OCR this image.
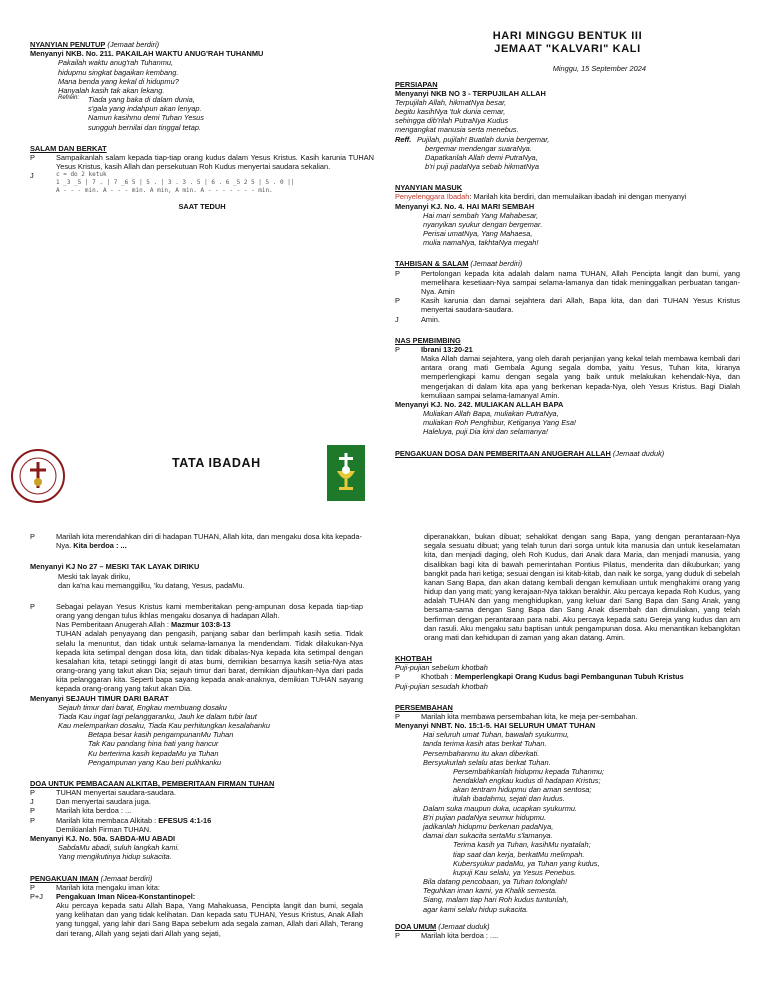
NYANYIAN PENUTUP (Jemaat berdiri)
Menyanyi NKB. No. 211. PAKAILAH WAKTU ANUG'RAH TUHANMU
Pakailah waktu anug'rah Tuhanmu,
hidupmu singkat bagaikan kembang.
Mana benda yang kekal di hidupmu?
Hanyalah kasih tak akan lekang.
Refrein:	Tiada yang baka di dalam dunia,
s'gala yang indahpun akan lenyap.
Namun kasihmu demi Tuhan Yesus
sungguh bernilai dan tinggal tetap.
SALAM DAN BERKAT
P	Sampaikanlah salam kepada tiap-tiap orang kudus dalam Yesus Kristus. Kasih karunia TUHAN Yesus Kristus, kasih Allah dan persekutuan Roh Kudus menyertai saudara sekalian.
J	c = do 2 ketuk
1 _3 _5 | 7 . | 7 _6 5 | 5 . | 3 . 3 . 5 | 6 . 6 _5 2 5 | 5 . 0 ||
A - - - min. A - - - min. A min, A min. A - - - - - - - min.
SAAT TEDUH
HARI MINGGU BENTUK III
JEMAAT "KALVARI" KALI
Minggu, 15 September 2024
PERSIAPAN
Menyanyi NKB NO 3 - TERPUJILAH ALLAH
Terpujilah Allah, hikmatNya besar,
begitu kasihNya 'tuk dunia cemar,
sehingga dib'rilah PutraNya Kudus
mengangkat manusia serta menebus.
Reff. Pujilah, pujilah! Buatlah dunia bergemar,
bergemar mendengar suaraNya.
Dapatkanlah Allah demi PutraNya,
b'ri puji padaNya sebab hikmatNya
NYANYIAN MASUK
Penyelenggara Ibadah: Marilah kita berdiri, dan memulaikan ibadah ini dengan menyanyi
Menyanyi KJ. No. 4. HAI MARI SEMBAH
Hai mari sembah Yang Mahabesar,
nyanyikan syukur dengan bergemar.
Perisai umatNya, Yang Mahaesa,
mulia namaNya, takhtaNya megah!
TAHBISAN & SALAM (Jemaat berdiri)
P	Pertolongan kepada kita adalah dalam nama TUHAN, Allah Pencipta langit dan bumi, yang memelihara kesetiaan-Nya sampai selama-lamanya dan tidak meninggalkan perbuatan tangan-Nya. Amin
P	Kasih karunia dan damai sejahtera dari Allah, Bapa kita, dan dari TUHAN Yesus Kristus menyertai saudara-saudara.
J	Amin.
NAS PEMBIMBING
P	Ibrani 13:20-21
Maka Allah damai sejahtera, yang oleh darah perjanjian yang kekal telah membawa kembali dari antara orang mati Gembala Agung segala domba, yaitu Yesus, Tuhan kita, kiranya memperlengkapi kamu dengan segala yang baik untuk melakukan kehendak-Nya, dan mengerjakan di dalam kita apa yang berkenan kepada-Nya, oleh Yesus Kristus. Bagi Dialah kemuliaan sampai selama-lamanya! Amin.
Menyanyi KJ. No. 242. MULIAKAN ALLAH BAPA
Muliakan Allah Bapa, muliakan PutraNya,
muliakan Roh Penghibur, Ketiganya Yang Esa!
Haleluya, puji Dia kini dan selamanya!
PENGAKUAN DOSA DAN PEMBERITAAN ANUGERAH ALLAH (Jemaat duduk)
TATA IBADAH
P	Marilah kita merendahkan diri di hadapan TUHAN, Allah kita, dan mengaku dosa kita kepada-Nya. Kita berdoa : ...
Menyanyi KJ No 27 – MESKI TAK LAYAK DIRIKU
Meski tak layak diriku,
dan ka'na kau memanggilku, 'ku datang, Yesus, padaMu.
P	Sebagai pelayan Yesus Kristus kami memberitakan peng-ampunan dosa kepada tiap-tiap orang yang dengan tulus ikhlas mengaku dosanya di hadapan Allah.
Nas Pemberitaan Anugerah Allah : Mazmur 103:8-13
TUHAN adalah penyayang dan pengasih, panjang sabar dan berlimpah kasih setia. Tidak selalu la menuntut, dan tidak untuk selama-lamanya la mendendam. Tidak dilakukan-Nya kepada kita setimpal dengan dosa kita, dan tidak dibalas-Nya kepada kita setimpal dengan kesalahan kita, tetapi setinggi langit di atas bumi, demikian besarnya kasih setia-Nya atas orang-orang yang takut akan Dia; sejauh timur dari barat, demikian dijauhkan-Nya dari pada kita pelanggaran kita. Seperti bapa sayang kepada anak-anaknya, demikian TUHAN sayang kepada orang-orang yang takut akan Dia.
Menyanyi SEJAUH TIMUR DARI BARAT
Sejauh timur dari barat, Engkau membuang dosaku
Tiada Kau ingat lagi pelanggaranku, Jauh ke dalam tubir laut
Kau melemparkan dosaku, Tiada Kau perhitungkan kesalahanku
Betapa besar kasih pengampunanMu Tuhan
Tak Kau pandang hina hati yang hancur
Ku berterima kasih kepadaMu ya Tuhan
Pengampunan yang Kau beri pulihkanku
DOA UNTUK PEMBACAAN ALKITAB, PEMBERITAAN FIRMAN TUHAN
P	TUHAN menyertai saudara-saudara.
J	Dan menyertai saudara juga.
P	Marilah kita berdoa : ...
P	Marilah kita membaca Alkitab : EFESUS 4:1-16
Demikianlah Firman TUHAN.
Menyanyi KJ. No. 50a. SABDA-MU ABADI
SabdaMu abadi, suluh langkah kami.
Yang mengikutinya hidup sukacita.
PENGAKUAN IMAN (Jemaat berdiri)
P	Marilah kita mengaku iman kita:
P+J	Pengakuan Iman Nicea-Konstantinopel:
Aku percaya kepada satu Allah Bapa, Yang Mahakuasa, Pencipta langit dan bumi, segala yang kelihatan dan yang tidak kelihatan. Dan kepada satu TUHAN, Yesus Kristus, Anak Allah yang tunggal, yang lahir dari Sang Bapa sebelum ada segala zaman, Allah dari Allah, Terang dari terang, Allah yang sejati dari Allah yang sejati,
diperanakkan, bukan dibuat; sehakikat dengan sang Bapa, yang dengan perantaraan-Nya segala sesuatu dibuat; yang telah turun dari sorga untuk kita manusia dan untuk keselamatan kita, dan menjadi daging, oleh Roh Kudus, dari Anak dara Maria, dan menjadi manusia, yang disalibkan bagi kita di bawah pemerintahan Pontius Pilatus, menderita dan dikuburkan; yang bangkit pada hari ketiga; sesuai dengan isi kitab-kitab, dan naik ke sorga, yang duduk di sebelah kanan Sang Bapa, dan akan datang kembali dengan kemuliaan untuk menghakimi orang yang hidup dan yang mati; yang kerajaan-Nya takkan berakhir. Aku percaya kepada Roh Kudus, yang adalah TUHAN dan yang menghidupkan, yang keluar dari Sang Bapa dan Sang Anak, yang bersama-sama dengan Sang Bapa dan Sang Anak disembah dan dimuliakan, yang telah berfirman dengan perantaraan para nabi. Aku percaya kepada satu Gereja yang kudus dan am dan rasuli. Aku mengaku satu baptisan untuk pengampunan dosa. Aku menantikan kebangkitan orang mati dan kehidupan di zaman yang akan datang. Amin.
KHOTBAH
Puji-pujian sebelum khotbah
P	Khotbah : Memperlengkapi Orang Kudus bagi Pembangunan Tubuh Kristus
Puji-pujian sesudah khotbah
PERSEMBAHAN
P	Marilah kita membawa persembahan kita, ke meja per-sembahan.
Menyanyi NNBT. No. 15:1-5. HAI SELURUH UMAT TUHAN
Hai seluruh umat Tuhan, bawalah syukurmu,
tanda terima kasih atas berkat Tuhan.
Persembahanmu itu akan diberkati.
Bersyukurlah selalu atas berkat Tuhan.
Persembahkanlah hidupmu kepada Tuhanmu;
hendaklah engkau kudus di hadapan Kristus;
akan tentram hidupmu dan aman sentosa;
itulah ibadahmu, sejati dan kudus.
Dalam suka maupun duka, ucapkan syukurmu.
B'ri pujian padaNya seumur hidupmu.
jadikanlah hidupmu berkenan padaNya,
damai dan sukacita sertaMu s'lamanya.
Terima kasih ya Tuhan, kasihMu nyatalah;
tiap saat dan kerja, berkatMu melimpah.
Kubersyukur padaMu, ya Tuhan yang kudus,
kupuji Kau selalu, ya Yesus Penebus.
Bila datang pencobaan, ya Tuhan tolonglah!
Teguhkan iman kami, ya Khalik semesta.
Siang, malam tiap hari Roh kudus tuntunlah,
agar kami selalu hidup sukacita.
DOA UMUM (Jemaat duduk)
P	Marilah kita berdoa : ....
